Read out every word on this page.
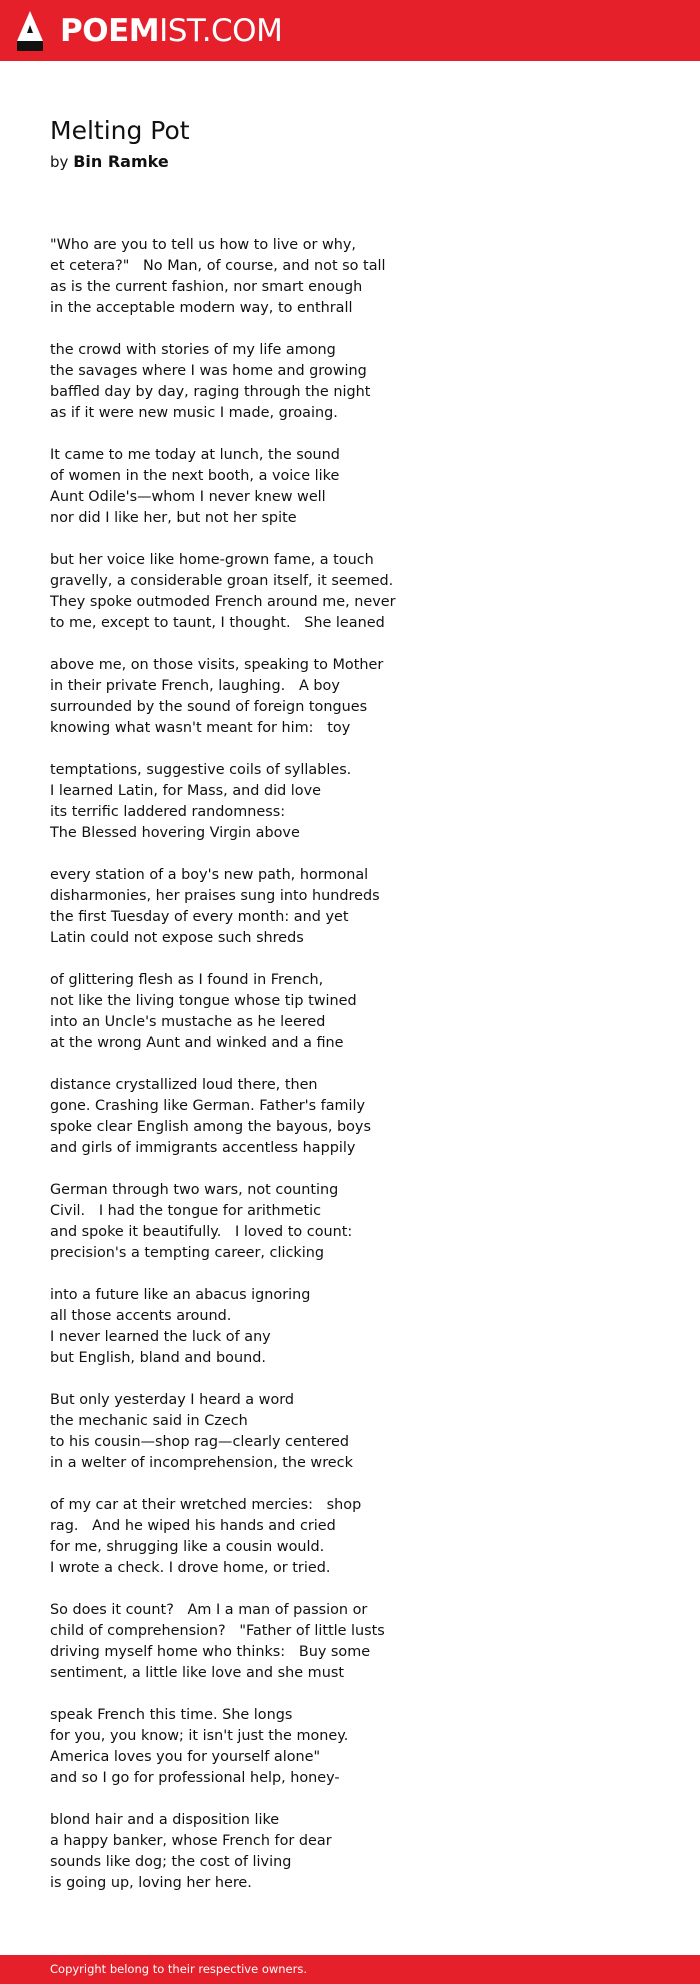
POEMIST.COM
Melting Pot
by Bin Ramke
"Who are you to tell us how to live or why,
et cetera?"   No Man, of course, and not so tall
as is the current fashion, nor smart enough
in the acceptable modern way, to enthrall
the crowd with stories of my life among
the savages where I was home and growing
baffled day by day, raging through the night
as if it were new music I made, groaing.
It came to me today at lunch, the sound
of women in the next booth, a voice like
Aunt Odile's—whom I never knew well
nor did I like her, but not her spite
but her voice like home-grown fame, a touch
gravelly, a considerable groan itself, it seemed.
They spoke outmoded French around me, never
to me, except to taunt, I thought.   She leaned
above me, on those visits, speaking to Mother
in their private French, laughing.   A boy
surrounded by the sound of foreign tongues
knowing what wasn't meant for him:   toy
temptations, suggestive coils of syllables.
I learned Latin, for Mass, and did love
its terrific laddered randomness:
The Blessed hovering Virgin above
every station of a boy's new path, hormonal
disharmonies, her praises sung into hundreds
the first Tuesday of every month: and yet
Latin could not expose such shreds
of glittering flesh as I found in French,
not like the living tongue whose tip twined
into an Uncle's mustache as he leered
at the wrong Aunt and winked and a fine
distance crystallized loud there, then
gone. Crashing like German. Father's family
spoke clear English among the bayous, boys
and girls of immigrants accentless happily
German through two wars, not counting
Civil.   I had the tongue for arithmetic
and spoke it beautifully.   I loved to count:
precision's a tempting career, clicking
into a future like an abacus ignoring
all those accents around.
I never learned the luck of any
but English, bland and bound.
But only yesterday I heard a word
the mechanic said in Czech
to his cousin—shop rag—clearly centered
in a welter of incomprehension, the wreck
of my car at their wretched mercies:   shop
rag.   And he wiped his hands and cried
for me, shrugging like a cousin would.
I wrote a check. I drove home, or tried.
So does it count?   Am I a man of passion or
child of comprehension?   "Father of little lusts
driving myself home who thinks:   Buy some
sentiment, a little like love and she must
speak French this time. She longs
for you, you know; it isn't just the money.
America loves you for yourself alone"
and so I go for professional help, honey-
blond hair and a disposition like
a happy banker, whose French for dear
sounds like dog; the cost of living
is going up, loving her here.
Copyright belong to their respective owners.
